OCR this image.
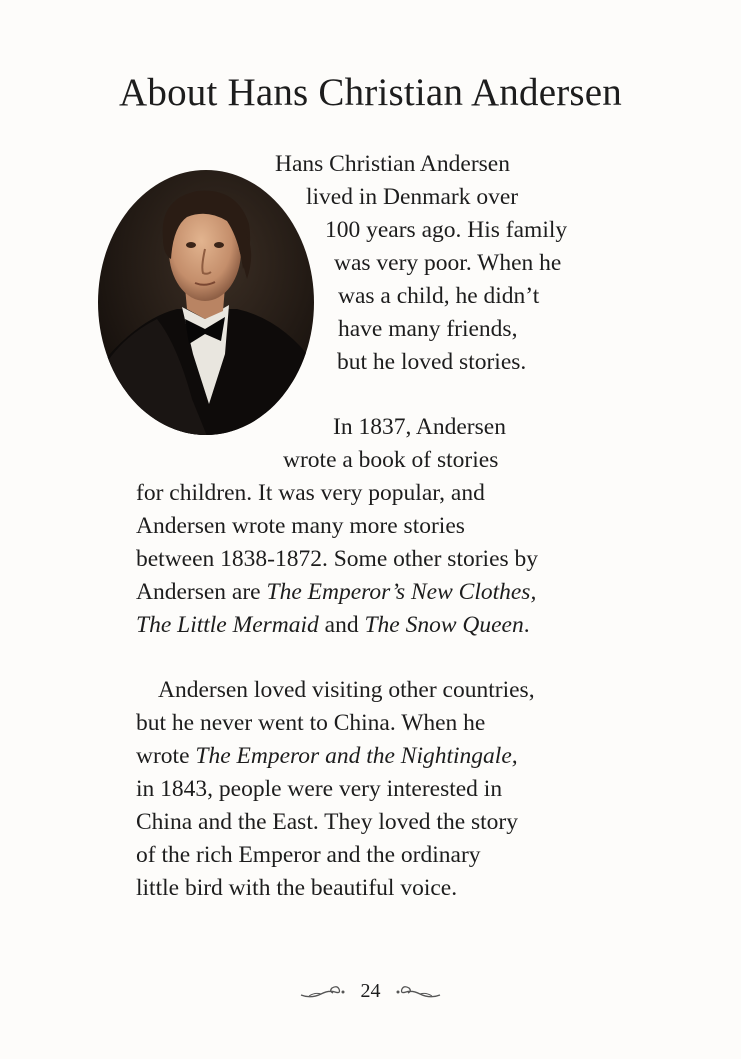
About Hans Christian Andersen
Hans Christian Andersen
lived in Denmark over
100 years ago. His family
was very poor. When he
was a child, he didn’t
have many friends,
but he loved stories.
In 1837, Andersen
wrote a book of stories
for children. It was very popular, and
Andersen wrote many more stories
between 1838-1872. Some other stories by
Andersen are The Emperor’s New Clothes,
The Little Mermaid and The Snow Queen.
Andersen loved visiting other countries,
but he never went to China. When he
wrote The Emperor and the Nightingale,
in 1843, people were very interested in
China and the East. They loved the story
of the rich Emperor and the ordinary
little bird with the beautiful voice.
24
